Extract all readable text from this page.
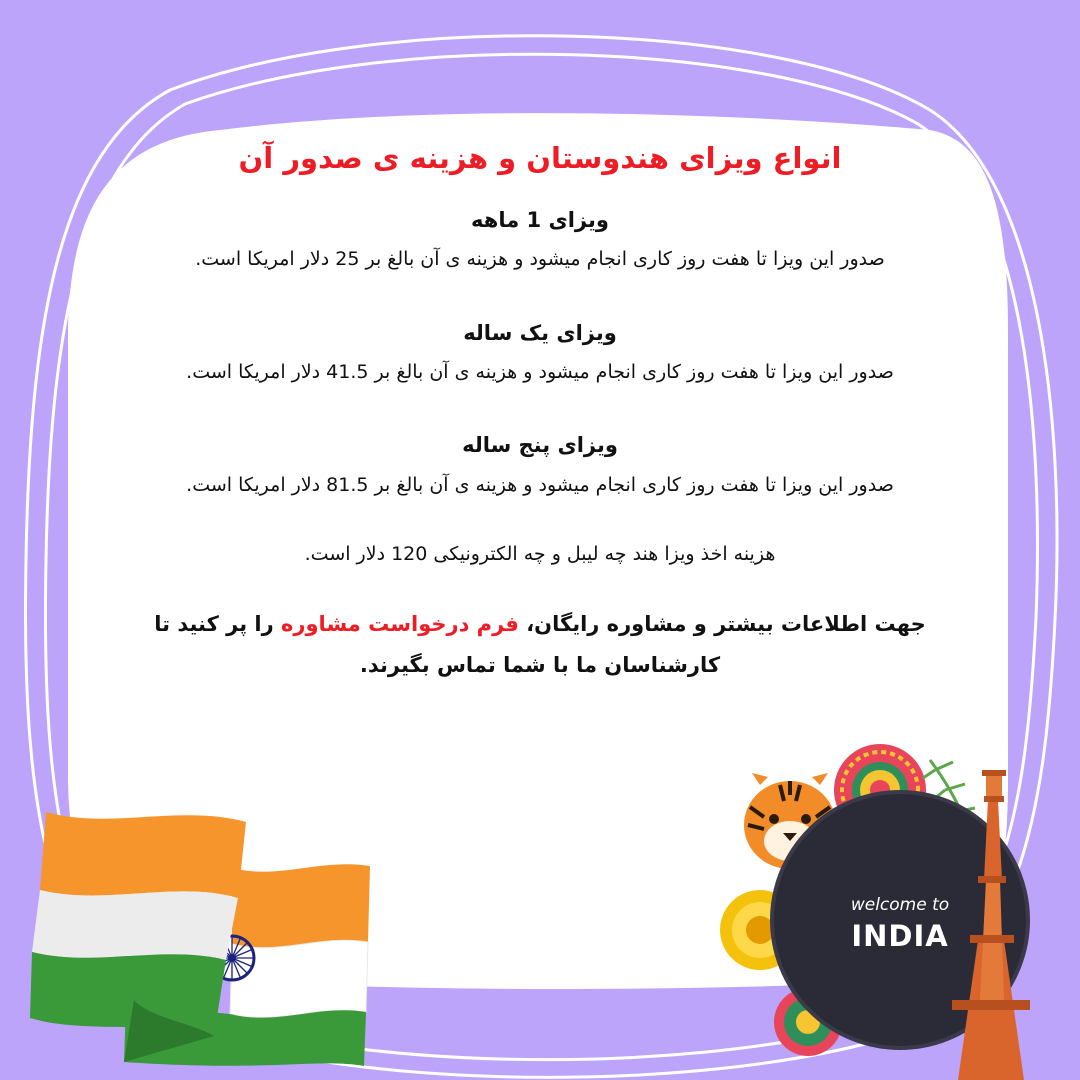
welcome to
INDIA
انواع ویزای هندوستان و هزینه ی صدور آن
ویزای 1 ماهه
صدور این ویزا تا هفت روز کاری انجام میشود و هزینه ی آن بالغ بر 25 دلار امریکا است.
ویزای یک ساله
صدور این ویزا تا هفت روز کاری انجام میشود و هزینه ی آن بالغ بر 41.5 دلار امریکا است.
ویزای پنج ساله
صدور این ویزا تا هفت روز کاری انجام میشود و هزینه ی آن بالغ بر 81.5 دلار امریکا است.
هزینه اخذ ویزا هند چه لیبل و چه الکترونیکی 120 دلار است.
جهت اطلاعات بیشتر و مشاوره رایگان، فرم درخواست مشاوره را پر کنید تا کارشناسان ما با شما تماس بگیرند.
